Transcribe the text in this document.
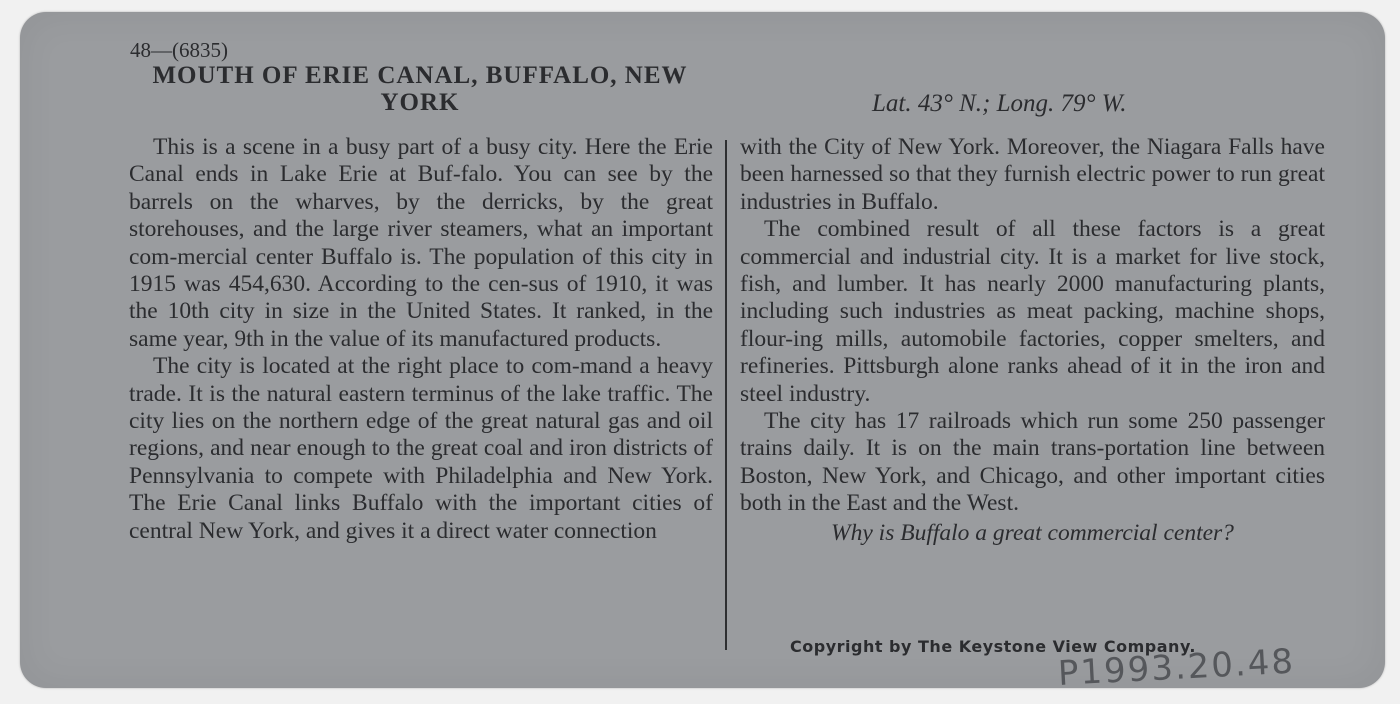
48—(6835)
MOUTH OF ERIE CANAL, BUFFALO, NEW YORK	Lat. 43° N.; Long. 79° W.

This is a scene in a busy part of a busy city. Here the Erie Canal ends in Lake Erie at Buf-falo. You can see by the barrels on the wharves, by the derricks, by the great storehouses, and the large river steamers, what an important com-mercial center Buffalo is. The population of this city in 1915 was 454,630. According to the cen-sus of 1910, it was the 10th city in size in the United States. It ranked, in the same year, 9th in the value of its manufactured products.

The city is located at the right place to com-mand a heavy trade. It is the natural eastern terminus of the lake traffic. The city lies on the northern edge of the great natural gas and oil regions, and near enough to the great coal and iron districts of Pennsylvania to compete with Philadelphia and New York. The Erie Canal links Buffalo with the important cities of central New York, and gives it a direct water connection

with the City of New York. Moreover, the Niagara Falls have been harnessed so that they furnish electric power to run great industries in Buffalo.

The combined result of all these factors is a great commercial and industrial city. It is a market for live stock, fish, and lumber. It has nearly 2000 manufacturing plants, including such industries as meat packing, machine shops, flour-ing mills, automobile factories, copper smelters, and refineries. Pittsburgh alone ranks ahead of it in the iron and steel industry.

The city has 17 railroads which run some 250 passenger trains daily. It is on the main trans-portation line between Boston, New York, and Chicago, and other important cities both in the East and the West.

Why is Buffalo a great commercial center?

Copyright by The Keystone View Company.
P1993.20.48
